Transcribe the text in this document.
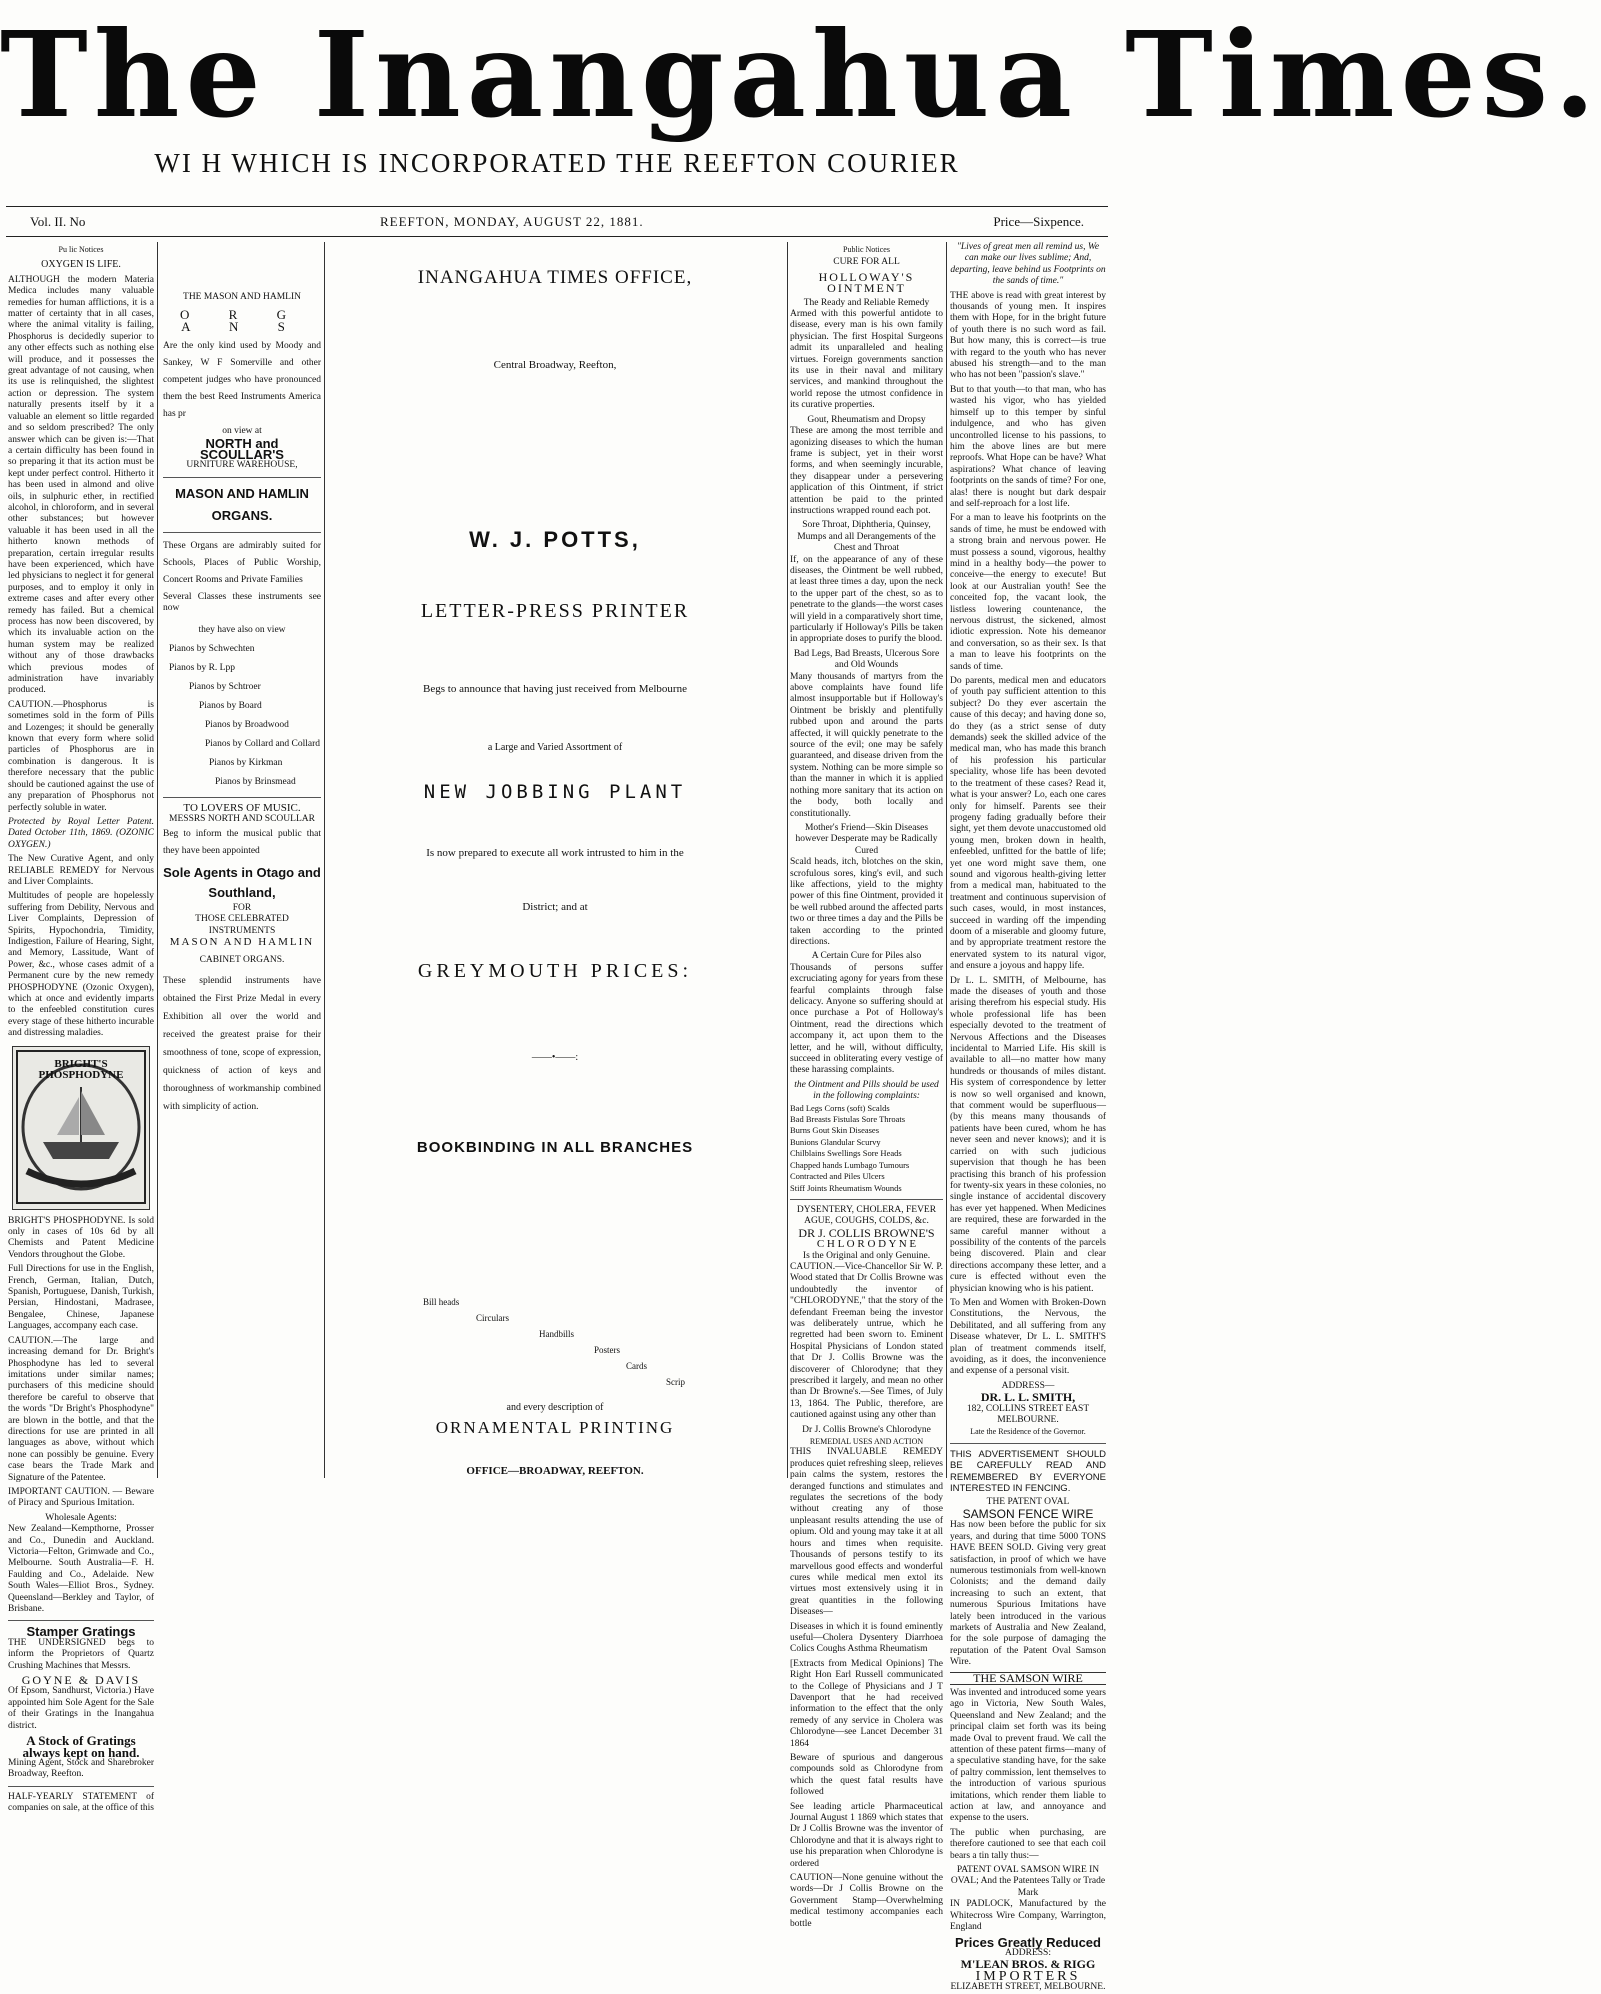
The Inangahua Times.
WI H WHICH IS INCORPORATED THE REEFTON COURIER
Vol. II. No	REEFTON, MONDAY, AUGUST 22, 1881.	Price—Sixpence.
Pu lic Notices
OXYGEN IS LIFE.
ALTHOUGH the modern Materia Medica includes many valuable remedies for human afflictions, it is a matter of certainty that in all cases, where the animal vitality is failing, Phosphorus is decidedly superior to any other effects such as nothing else will produce, and it possesses the great advantage of not causing, when its use is relinquished, the slightest action or depression. The system naturally presents itself by it a valuable an element so little regarded and so seldom prescribed? The only answer which can be given is:—That a certain difficulty has been found in so preparing it that its action must be kept under perfect control. Hitherto it has been used in almond and olive oils, in sulphuric ether, in rectified alcohol, in chloroform, and in several other substances; but however valuable it has been used in all the hitherto known methods of preparation, certain irregular results have been experienced, which have led physicians to neglect it for general purposes, and to employ it only in extreme cases and after every other remedy has failed. But a chemical process has now been discovered, by which its invaluable action on the human system may be realized without any of those drawbacks which previous modes of administration have invariably produced.
CAUTION.—Phosphorus is sometimes sold in the form of Pills and Lozenges; it should be generally known that every form where solid particles of Phosphorus are in combination is dangerous. It is therefore necessary that the public should be cautioned against the use of any preparation of Phosphorus not perfectly soluble in water.
Protected by Royal Letter Patent. Dated October 11th, 1869. (OZONIC OXYGEN.)
The New Curative Agent, and only RELIABLE REMEDY for Nervous and Liver Complaints.
Multitudes of people are hopelessly suffering from Debility, Nervous and Liver Complaints, Depression of Spirits, Hypochondria, Timidity, Indigestion, Failure of Hearing, Sight, and Memory, Lassitude, Want of Power, &c., whose cases admit of a Permanent cure by the new remedy PHOSPHODYNE (Ozonic Oxygen), which at once and evidently imparts to the enfeebled constitution cures every stage of these hitherto incurable and distressing maladies.
BRIGHT'S PHOSPHODYNE
BRIGHT'S PHOSPHODYNE. Is sold only in cases of 10s 6d by all Chemists and Patent Medicine Vendors throughout the Globe.
Full Directions for use in the English, French, German, Italian, Dutch, Spanish, Portuguese, Danish, Turkish, Persian, Hindostani, Madrasee, Bengalee, Chinese, Japanese Languages, accompany each case.
CAUTION.—The large and increasing demand for Dr. Bright's Phosphodyne has led to several imitations under similar names; purchasers of this medicine should therefore be careful to observe that the words "Dr Bright's Phosphodyne" are blown in the bottle, and that the directions for use are printed in all languages as above, without which none can possibly be genuine. Every case bears the Trade Mark and Signature of the Patentee.
IMPORTANT CAUTION. — Beware of Piracy and Spurious Imitation.
Wholesale Agents:
New Zealand—Kempthorne, Prosser and Co., Dunedin and Auckland. Victoria—Felton, Grimwade and Co., Melbourne. South Australia—F. H. Faulding and Co., Adelaide. New South Wales—Elliot Bros., Sydney. Queensland—Berkley and Taylor, of Brisbane.
Stamper Gratings
THE UNDERSIGNED begs to inform the Proprietors of Quartz Crushing Machines that Messrs.
GOYNE & DAVIS
Of Epsom, Sandhurst, Victoria.) Have appointed him Sole Agent for the Sale of their Gratings in the Inangahua district.
A Stock of Gratings always kept on hand.
Mining Agent, Stock and Sharebroker Broadway, Reefton.
HALF-YEARLY STATEMENT of companies on sale, at the office of this
THE MASON AND HAMLIN
O R G A N S
Are the only kind used by Moody and Sankey, W F Somerville and other competent judges who have pronounced them the best Reed Instruments America has pr
on view at
NORTH and SCOULLAR'S
URNITURE WAREHOUSE,
MASON AND HAMLIN ORGANS.
These Organs are admirably suited for Schools, Places of Public Worship, Concert Rooms and Private Families
Several Classes these instruments see now
they have also on view
Pianos by Schwechten
Pianos by R. Lpp
Pianos by Schtroer
Pianos by Board
Pianos by Broadwood
Pianos by Collard and Collard
Pianos by Kirkman
Pianos by Brinsmead
TO LOVERS OF MUSIC.
MESSRS NORTH AND SCOULLAR
Beg to inform the musical public that they have been appointed
Sole Agents in Otago and Southland,
FOR
THOSE CELEBRATED INSTRUMENTS
MASON AND HAMLIN
CABINET ORGANS.
These splendid instruments have obtained the First Prize Medal in every Exhibition all over the world and received the greatest praise for their smoothness of tone, scope of expression, quickness of action of keys and thoroughness of workmanship combined with simplicity of action.
INANGAHUA TIMES OFFICE,
Central Broadway, Reefton,
W. J. POTTS,
LETTER-PRESS PRINTER
Begs to announce that having just received from Melbourne
a Large and Varied Assortment of
NEW JOBBING PLANT
Is now prepared to execute all work intrusted to him in the
District; and at
GREYMOUTH PRICES:
——•——:
BOOKBINDING IN ALL BRANCHES
Bill heads
Circulars
Handbills
Posters
Cards
Scrip
and every description of
ORNAMENTAL PRINTING
OFFICE—BROADWAY, REEFTON.
Public Notices
CURE FOR ALL
HOLLOWAY'S OINTMENT
The Ready and Reliable Remedy
Armed with this powerful antidote to disease, every man is his own family physician. The first Hospital Surgeons admit its unparalleled and healing virtues. Foreign governments sanction its use in their naval and military services, and mankind throughout the world repose the utmost confidence in its curative properties.
Gout, Rheumatism and Dropsy
These are among the most terrible and agonizing diseases to which the human frame is subject, yet in their worst forms, and when seemingly incurable, they disappear under a persevering application of this Ointment, if strict attention be paid to the printed instructions wrapped round each pot.
Sore Throat, Diphtheria, Quinsey, Mumps and all Derangements of the Chest and Throat
If, on the appearance of any of these diseases, the Ointment be well rubbed, at least three times a day, upon the neck to the upper part of the chest, so as to penetrate to the glands—the worst cases will yield in a comparatively short time, particularly if Holloway's Pills be taken in appropriate doses to purify the blood.
Bad Legs, Bad Breasts, Ulcerous Sore and Old Wounds
Many thousands of martyrs from the above complaints have found life almost insupportable but if Holloway's Ointment be briskly and plentifully rubbed upon and around the parts affected, it will quickly penetrate to the source of the evil; one may be safely guaranteed, and disease driven from the system. Nothing can be more simple so than the manner in which it is applied nothing more sanitary that its action on the body, both locally and constitutionally.
Mother's Friend—Skin Diseases however Desperate may be Radically Cured
Scald heads, itch, blotches on the skin, scrofulous sores, king's evil, and such like affections, yield to the mighty power of this fine Ointment, provided it be well rubbed around the affected parts two or three times a day and the Pills be taken according to the printed directions.
A Certain Cure for Piles also
Thousands of persons suffer excruciating agony for years from these fearful complaints through false delicacy. Anyone so suffering should at once purchase a Pot of Holloway's Ointment, read the directions which accompany it, act upon them to the letter, and he will, without difficulty, succeed in obliterating every vestige of these harassing complaints.
the Ointment and Pills should be used in the following complaints:
Bad Legs Corns (soft) Scalds
Bad Breasts Fistulas Sore Throats
Burns Gout Skin Diseases
Bunions Glandular Scurvy
Chilblains Swellings Sore Heads
Chapped hands Lumbago Tumours
Contracted and Piles Ulcers
Stiff Joints Rheumatism Wounds
DYSENTERY, CHOLERA, FEVER AGUE, COUGHS, COLDS, &c.
DR J. COLLIS BROWNE'S
C H L O R O D Y N E
Is the Original and only Genuine.
CAUTION.—Vice-Chancellor Sir W. P. Wood stated that Dr Collis Browne was undoubtedly the inventor of "CHLORODYNE," that the story of the defendant Freeman being the investor was deliberately untrue, which he regretted had been sworn to. Eminent Hospital Physicians of London stated that Dr J. Collis Browne was the discoverer of Chlorodyne; that they prescribed it largely, and mean no other than Dr Browne's.—See Times, of July 13, 1864. The Public, therefore, are cautioned against using any other than
Dr J. Collis Browne's Chlorodyne
REMEDIAL USES AND ACTION
THIS INVALUABLE REMEDY produces quiet refreshing sleep, relieves pain calms the system, restores the deranged functions and stimulates and regulates the secretions of the body without creating any of those unpleasant results attending the use of opium. Old and young may take it at all hours and times when requisite. Thousands of persons testify to its marvellous good effects and wonderful cures while medical men extol its virtues most extensively using it in great quantities in the following Diseases—
Diseases in which it is found eminently useful—Cholera Dysentery Diarrhoea Colics Coughs Asthma Rheumatism
[Extracts from Medical Opinions] The Right Hon Earl Russell communicated to the College of Physicians and J T Davenport that he had received information to the effect that the only remedy of any service in Cholera was Chlorodyne—see Lancet December 31 1864
Beware of spurious and dangerous compounds sold as Chlorodyne from which the quest fatal results have followed
See leading article Pharmaceutical Journal August 1 1869 which states that Dr J Collis Browne was the inventor of Chlorodyne and that it is always right to use his preparation when Chlorodyne is ordered
CAUTION—None genuine without the words—Dr J Collis Browne on the Government Stamp—Overwhelming medical testimony accompanies each bottle
"Lives of great men all remind us, We can make our lives sublime; And, departing, leave behind us Footprints on the sands of time."
THE above is read with great interest by thousands of young men. It inspires them with Hope, for in the bright future of youth there is no such word as fail. But how many, this is correct—is true with regard to the youth who has never abused his strength—and to the man who has not been "passion's slave."
But to that youth—to that man, who has wasted his vigor, who has yielded himself up to this temper by sinful indulgence, and who has given uncontrolled license to his passions, to him the above lines are but mere reproofs. What Hope can be have? What aspirations? What chance of leaving footprints on the sands of time? For one, alas! there is nought but dark despair and self-reproach for a lost life.
For a man to leave his footprints on the sands of time, he must be endowed with a strong brain and nervous power. He must possess a sound, vigorous, healthy mind in a healthy body—the power to conceive—the energy to execute! But look at our Australian youth! See the conceited fop, the vacant look, the listless lowering countenance, the nervous distrust, the sickened, almost idiotic expression. Note his demeanor and conversation, so as their sex. Is that a man to leave his footprints on the sands of time.
Do parents, medical men and educators of youth pay sufficient attention to this subject? Do they ever ascertain the cause of this decay; and having done so, do they (as a strict sense of duty demands) seek the skilled advice of the medical man, who has made this branch of his profession his particular speciality, whose life has been devoted to the treatment of these cases? Read it, what is your answer? Lo, each one cares only for himself. Parents see their progeny fading gradually before their sight, yet them devote unaccustomed old young men, broken down in health, enfeebled, unfitted for the battle of life; yet one word might save them, one sound and vigorous health-giving letter from a medical man, habituated to the treatment and continuous supervision of such cases, would, in most instances, succeed in warding off the impending doom of a miserable and gloomy future, and by appropriate treatment restore the enervated system to its natural vigor, and ensure a joyous and happy life.
Dr L. L. SMITH, of Melbourne, has made the diseases of youth and those arising therefrom his especial study. His whole professional life has been especially devoted to the treatment of Nervous Affections and the Diseases incidental to Married Life. His skill is available to all—no matter how many hundreds or thousands of miles distant. His system of correspondence by letter is now so well organised and known, that comment would be superfluous—(by this means many thousands of patients have been cured, whom he has never seen and never knows); and it is carried on with such judicious supervision that though he has been practising this branch of his profession for twenty-six years in these colonies, no single instance of accidental discovery has ever yet happened. When Medicines are required, these are forwarded in the same careful manner without a possibility of the contents of the parcels being discovered. Plain and clear directions accompany these letter, and a cure is effected without even the physician knowing who is his patient.
To Men and Women with Broken-Down Constitutions, the Nervous, the Debilitated, and all suffering from any Disease whatever, Dr L. L. SMITH'S plan of treatment commends itself, avoiding, as it does, the inconvenience and expense of a personal visit.
ADDRESS—
DR. L. L. SMITH,
182, COLLINS STREET EAST MELBOURNE.
Late the Residence of the Governor.
THIS ADVERTISEMENT SHOULD BE CAREFULLY READ AND REMEMBERED BY EVERYONE INTERESTED IN FENCING.
THE PATENT OVAL
SAMSON FENCE WIRE
Has now been before the public for six years, and during that time 5000 TONS HAVE BEEN SOLD. Giving very great satisfaction, in proof of which we have numerous testimonials from well-known Colonists; and the demand daily increasing to such an extent, that numerous Spurious Imitations have lately been introduced in the various markets of Australia and New Zealand, for the sole purpose of damaging the reputation of the Patent Oval Samson Wire.
THE SAMSON WIRE
Was invented and introduced some years ago in Victoria, New South Wales, Queensland and New Zealand; and the principal claim set forth was its being made Oval to prevent fraud. We call the attention of these patent firms—many of a speculative standing have, for the sake of paltry commission, lent themselves to the introduction of various spurious imitations, which render them liable to action at law, and annoyance and expense to the users.
The public when purchasing, are therefore cautioned to see that each coil bears a tin tally thus:—
PATENT OVAL SAMSON WIRE IN OVAL; And the Patentees Tally or Trade Mark
IN PADLOCK, Manufactured by the Whitecross Wire Company, Warrington, England
Prices Greatly Reduced
ADDRESS:
M'LEAN BROS. & RIGG
IMPORTERS
ELIZABETH STREET, MELBOURNE.
